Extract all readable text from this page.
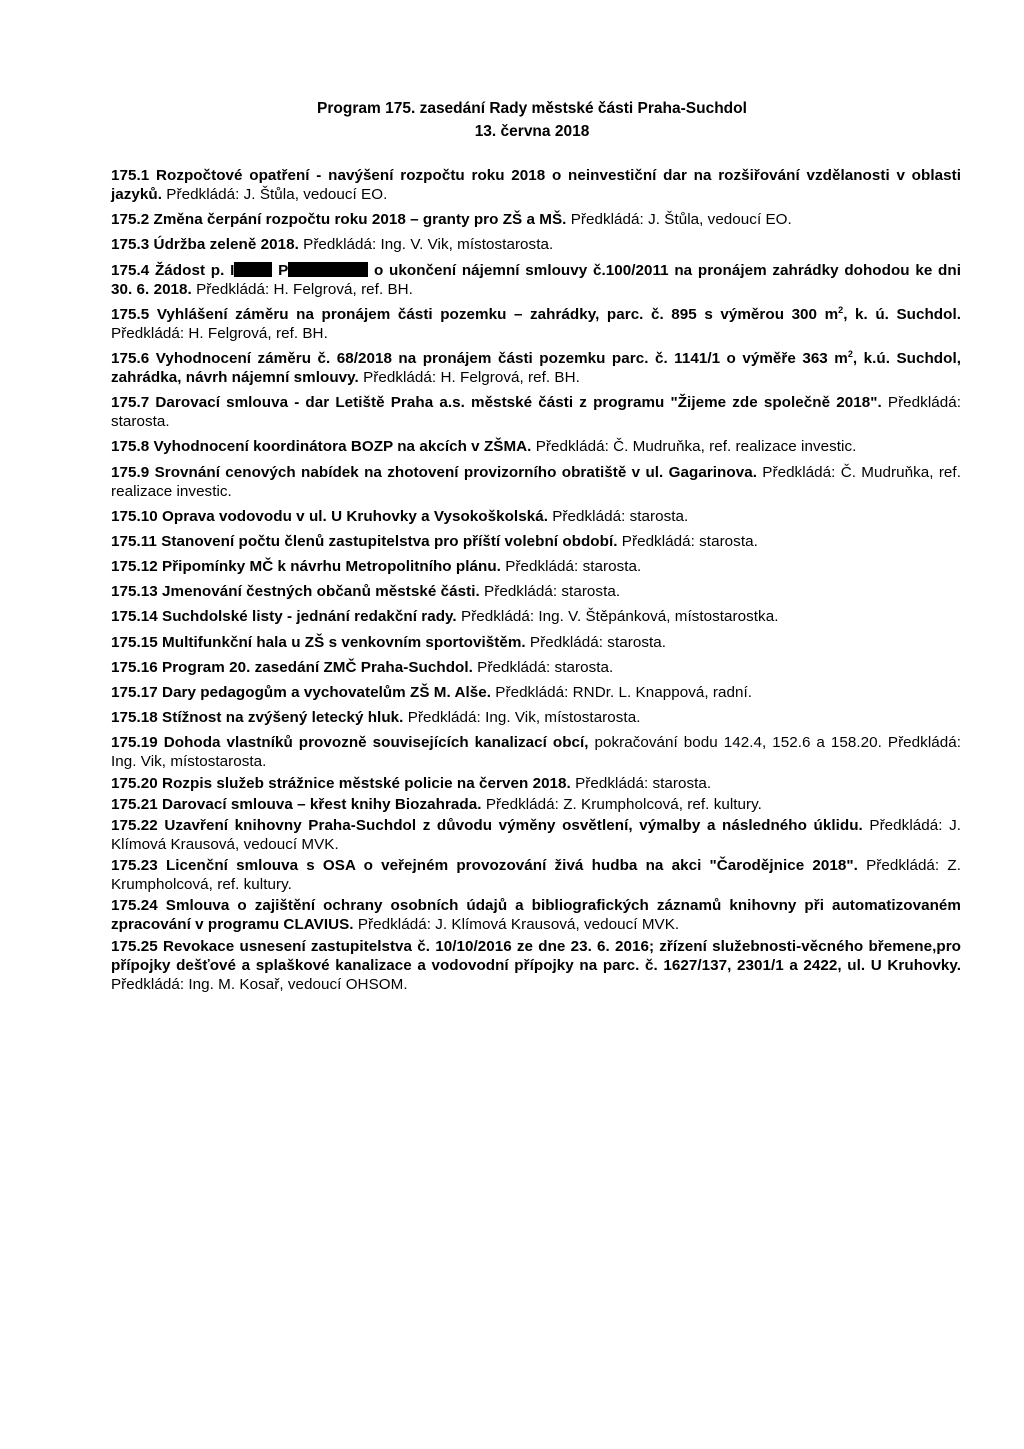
Program 175. zasedání Rady městské části Praha-Suchdol
13. června 2018

175.1 Rozpočtové opatření - navýšení rozpočtu roku 2018 o neinvestiční dar na rozšiřování vzdělanosti v oblasti jazyků. Předkládá: J. Štůla, vedoucí EO.

175.2 Změna čerpání rozpočtu roku 2018 – granty pro ZŠ a MŠ. Předkládá: J. Štůla, vedoucí EO.

175.3 Údržba zeleně 2018. Předkládá: Ing. V. Vik, místostarosta.

175.4 Žádost p. I	P	o ukončení nájemní smlouvy č.100/2011 na pronájem zahrádky dohodou ke dni 30. 6. 2018. Předkládá: H. Felgrová, ref. BH.

175.5 Vyhlášení záměru na pronájem části pozemku – zahrádky, parc. č. 895 s výměrou 300 $m^2$, k. ú. Suchdol. Předkládá: H. Felgrová, ref. BH.

175.6 Vyhodnocení záměru č. 68/2018 na pronájem části pozemku parc. č. 1141/1 o výměře 363 $m^2$, k.ú. Suchdol, zahrádka, návrh nájemní smlouvy. Předkládá: H. Felgrová, ref. BH.

175.7 Darovací smlouva - dar Letiště Praha a.s. městské části z programu "Žijeme zde společně 2018". Předkládá: starosta.

175.8 Vyhodnocení koordinátora BOZP na akcích v ZŠMA. Předkládá: Č. Mudruňka, ref. realizace investic.

175.9 Srovnání cenových nabídek na zhotovení provizorního obratiště v ul. Gagarinova. Předkládá: Č. Mudruňka, ref. realizace investic.

175.10 Oprava vodovodu v ul. U Kruhovky a Vysokoškolská. Předkládá: starosta.

175.11 Stanovení počtu členů zastupitelstva pro příští volební období. Předkládá: starosta.

175.12 Připomínky MČ k návrhu Metropolitního plánu. Předkládá: starosta.

175.13 Jmenování čestných občanů městské části. Předkládá: starosta.

175.14 Suchdolské listy - jednání redakční rady. Předkládá: Ing. V. Štěpánková, místostarostka.

175.15 Multifunkční hala u ZŠ s venkovním sportovištěm. Předkládá: starosta.

175.16 Program 20. zasedání ZMČ Praha-Suchdol. Předkládá: starosta.

175.17 Dary pedagogům a vychovatelům ZŠ M. Alše. Předkládá: RNDr. L. Knappová, radní.

175.18 Stížnost na zvýšený letecký hluk. Předkládá: Ing. Vik, místostarosta.

175.19 Dohoda vlastníků provozně souvisejících kanalizací obcí, pokračování bodu 142.4, 152.6 a 158.20. Předkládá: Ing. Vik, místostarosta.

175.20 Rozpis služeb strážnice městské policie na červen 2018. Předkládá: starosta.

175.21 Darovací smlouva – křest knihy Biozahrada. Předkládá: Z. Krumpholcová, ref. kultury.

175.22 Uzavření knihovny Praha-Suchdol z důvodu výměny osvětlení, výmalby a následného úklidu. Předkládá: J. Klímová Krausová, vedoucí MVK.

175.23 Licenční smlouva s OSA o veřejném provozování živá hudba na akci "Čarodějnice 2018". Předkládá: Z. Krumpholcová, ref. kultury.

175.24 Smlouva o zajištění ochrany osobních údajů a bibliografických záznamů knihovny při automatizovaném zpracování v programu CLAVIUS. Předkládá: J. Klímová Krausová, vedoucí MVK.

175.25 Revokace usnesení zastupitelstva č. 10/10/2016 ze dne 23. 6. 2016; zřízení služebnosti-věcného břemene,pro přípojky dešťové a splaškové kanalizace a vodovodní přípojky na parc. č. 1627/137, 2301/1 a 2422, ul. U Kruhovky. Předkládá: Ing. M. Kosař, vedoucí OHSOM.
